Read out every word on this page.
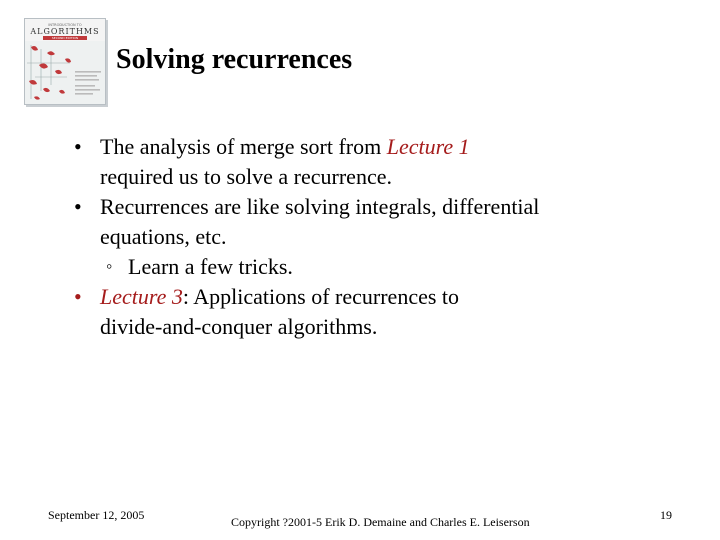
INTRODUCTION TO
ALGORITHMS
SECOND EDITION
Solving recurrences
• The analysis of merge sort from Lecture 1
required us to solve a recurrence.
• Recurrences are like solving integrals, differential
equations, etc.
◦ Learn a few tricks.
• Lecture 3: Applications of recurrences to
divide-and-conquer algorithms.
September 12, 2005	Copyright ?2001-5 Erik D. Demaine and Charles E. Leiserson	19
